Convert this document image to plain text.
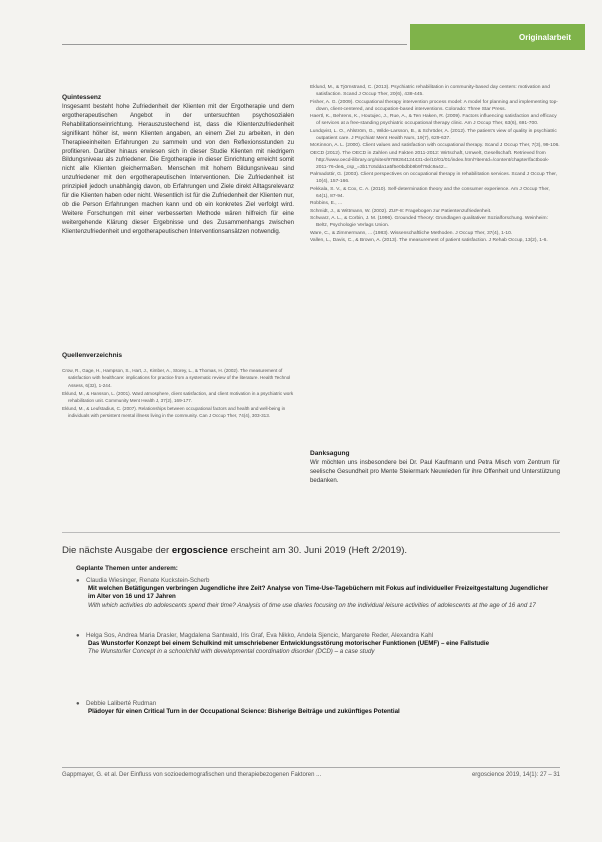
Originalarbeit
Quintessenz

Insgesamt besteht hohe Zufriedenheit der Klienten mit der Ergotherapie und dem ergotherapeutischen Angebot in der untersuchten psychosozialen Rehabilitationseinrichtung. Herauszustechend ist, dass die Klientenzufriedenheit signifikant höher ist, wenn Klienten angaben, an einem Ziel zu arbeiten, in den Therapieeinheiten Erfahrungen zu sammeln und von den Reflexionsstunden zu profitieren. Darüber hinaus erwiesen sich in dieser Studie Klienten mit niedrigem Bildungsniveau als zufriedener. Die Ergotherapie in dieser Einrichtung erreicht somit nicht alle Klienten gleichermaßen. Menschen mit hohem Bildungsniveau sind unzufriedener mit den ergotherapeutischen Interventionen. Die Zufriedenheit ist prinzipiell jedoch unabhängig davon, ob Erfahrungen und Ziele direkt Alltagsrelevanz für die Klienten haben oder nicht. Wesentlich ist für die Zufriedenheit der Klienten nur, ob die Person Erfahrungen machen kann und ob ein konkretes Ziel verfolgt wird. Weitere Forschungen mit einer verbesserten Methode wären hilfreich für eine weitergehende Klärung dieser Ergebnisse und des Zusammenhangs zwischen Klientenzufriedenheit und ergotherapeutischen Interventionsansätzen notwendig.

Quellenverzeichnis

Crow, R., Gage, H., Hampson, S., Hart, J., Kimber, A., Storey, L., & Thomas, H. (2002). The measurement of satisfaction with healthcare: implications for practice from a systematic review of the literature. Health Technol Assess, 6(32), 1-244.

Eklund, M., & Hansson, L. (2001). Ward atmosphere, client satisfaction, and client motivation in a psychiatric work rehabilitation unit. Community Ment Health J, 37(2), 169-177.

Eklund, M., & Leufstadius, C. (2007). Relationships between occupational factors and health and well-being in individuals with persistent mental illness living in the community. Can J Occup Ther, 74(4), 303-313.

Eklund, M., & Tjörnstrand, C. (2013). Psychiatric rehabilitation in community-based day centers: motivation and satisfaction. Scand J Occup Ther, 20(6), 438-445.

Fisher, A. G. (2009). Occupational therapy intervention process model: A model for planning and implementing top-down, client-centered, and occupation-based interventions. Colorado: Three Star Press.

Haertl, K., Behrens, K., Houtujec, J., Rue, A., & Ten Haken, R. (2009). Factors influencing satisfaction and efficacy of services at a free-standing psychiatric occupational therapy clinic. Am J Occup Ther, 63(6), 691-700.

Lundqvist, L. O., Ahlström, G., Wilde-Larsson, B., & Schröder, A. (2012). The patient's view of quality in psychiatric outpatient care. J Psychiatr Ment Health Nurs, 19(7), 629-637.

McKinnon, A. L. (2000). Client values and satisfaction with occupational therapy. Scand J Occup Ther, 7(3), 99-106.

OECD (2012). The OECD in Zahlen und Fakten 2011-2012: Wirtschaft, Umwelt, Gesellschaft. Retrieved from http://www.oecd-ilibrary.org/sites/9789264124431-de/10/01/01/index.html?itemId=/content/chapter/factbook-2011-76-de&_csp_=3b17c6dda1a5f5e0bdbb9b9f79dc9a42...

Palmadottir, G. (2003). Client perspectives on occupational therapy in rehabilitation services. Scand J Occup Ther, 10(4), 157-166.

Pekkala, S. V., & Cox, C. A. (2010). Self-determination theory and the consumer experience. Am J Occup Ther, 64(1), 87-94.

Robbins, E., ...

Schmidt, J., & Wittmann, W. (2002). ZUF-8: Fragebogen zur Patientenzufriedenheit.

Schwarz, A. L., & Corbin, J. M. (1996). Grounded Theory: Grundlagen qualitativer Sozialforschung. Weinheim: Beltz, Psychologie Verlags Union.

Ware, C., & Zimmermann, ... (1983). Wissenschaftliche Methoden. J Occup Ther, 37(4), 1-10.

Vallen, L., Davis, C., & Brown, A. (2013). The measurement of patient satisfaction. J Rehab Occup, 13(2), 1-6.

Danksagung

Wir möchten uns insbesondere bei Dr. Paul Kaufmann und Petra Misch vom Zentrum für seelische Gesundheit pro Mente Steiermark Neuwieden für ihre Offenheit und Unterstützung bedanken.

Die nächste Ausgabe der ergoscience erscheint am 30. Juni 2019 (Heft 2/2019).
Geplante Themen unter anderem:
●	Claudia Wiesinger, Renate Kuckstein-Scherb
Mit welchen Betätigungen verbringen Jugendliche ihre Zeit? Analyse von Time-Use-Tagebüchern mit Fokus auf individueller Freizeitgestaltung Jugendlicher im Alter von 16 und 17 Jahren
With which activities do adolescents spend their time? Analysis of time use diaries focusing on the individual leisure activities of adolescents at the age of 16 and 17
●	Helga Sos, Andrea Maria Drasler, Magdalena Santwald, Iris Graf, Eva Nikko, Andela Sjencic, Margarete Reder, Alexandra Kahl
Das Wunstorfer Konzept bei einem Schulkind mit umschriebener Entwicklungsstörung motorischer Funktionen (UEMF) – eine Fallstudie
The Wunstorfer Concept in a schoolchild with developmental coordination disorder (DCD) – a case study
●	Debbie Laliberté Rudman
Plädoyer für einen Critical Turn in der Occupational Science: Bisherige Beiträge und zukünftiges Potential
Gappmayer, G. et al. Der Einfluss von sozioedemografischen und therapiebezogenen Faktoren ...	ergoscience 2019, 14(1): 27 – 31
